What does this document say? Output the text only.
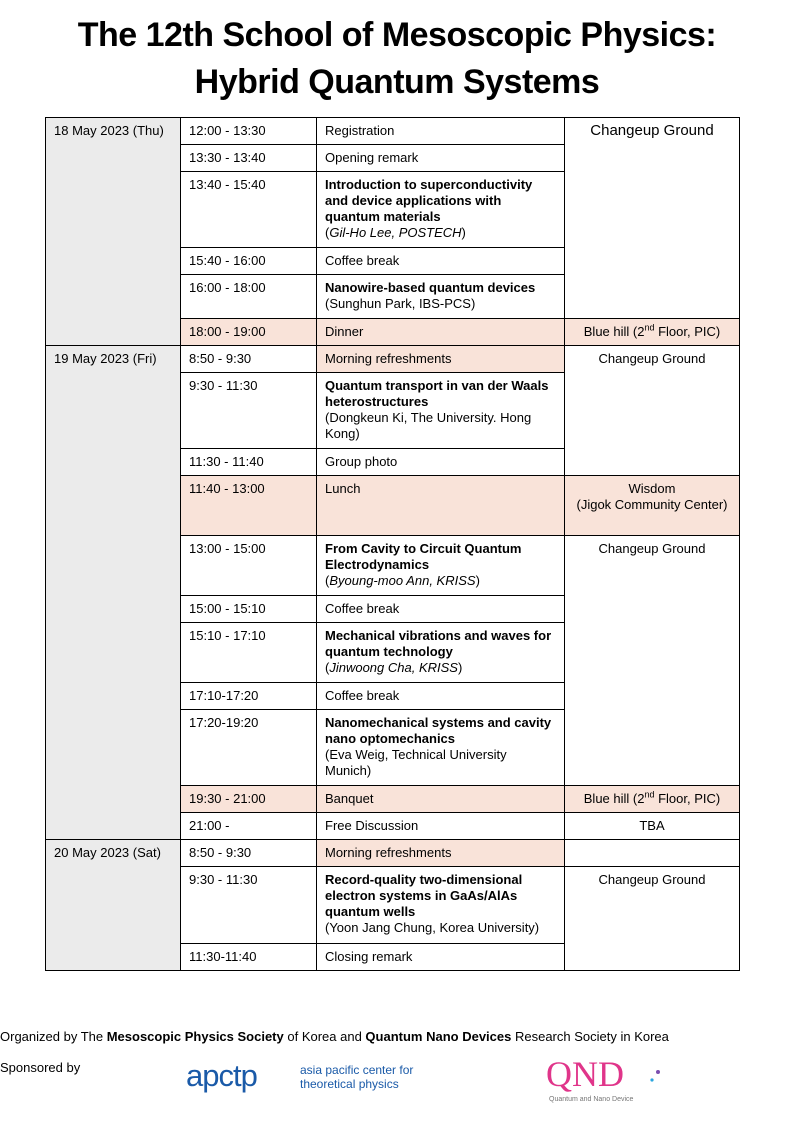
The 12th School of Mesoscopic Physics:
Hybrid Quantum Systems
18 May 2023 (Thu)	12:00 - 13:30	Registration	Changeup Ground
	13:30 - 13:40	Opening remark	
	13:40 - 15:40	Introduction to superconductivity and device applications with quantum materials
(Gil-Ho Lee, POSTECH)	

	15:40 - 16:00	Coffee break	
	16:00 - 18:00	Nanowire-based quantum devices
(Sunghun Park, IBS-PCS)	

	18:00 - 19:00	Dinner	Blue hill (2nd Floor, PIC)
19 May 2023 (Fri)	8:50 - 9:30	Morning refreshments	Changeup Ground
	9:30 - 11:30	Quantum transport in van der Waals heterostructures
(Dongkeun Ki, The University. Hong Kong)	

	11:30 - 11:40	Group photo	
	11:40 - 13:00	Lunch	Wisdom
(Jigok Community Center)

	13:00 - 15:00	From Cavity to Circuit Quantum Electrodynamics
(Byoung-moo Ann, KRISS)	Changeup Ground
	15:00 - 15:10	Coffee break	
	15:10 - 17:10	Mechanical vibrations and waves for quantum technology
(Jinwoong Cha, KRISS)	

	17:10-17:20	Coffee break	
	17:20-19:20	Nanomechanical systems and cavity nano optomechanics
(Eva Weig, Technical University Munich)	

	19:30 - 21:00	Banquet	Blue hill (2nd Floor, PIC)
	21:00 -	Free Discussion	TBA
20 May 2023 (Sat)	8:50 - 9:30	Morning refreshments	
	9:30 - 11:30	Record-quality two-dimensional electron systems in GaAs/AlAs quantum wells
(Yoon Jang Chung, Korea University)	Changeup Ground
	11:30-11:40	Closing remark	
Organized by The Mesoscopic Physics Society of Korea and Quantum Nano Devices Research Society in Korea
Sponsored by	apctp	asia pacific center for
theoretical physics	QND
Quantum and Nano Device
